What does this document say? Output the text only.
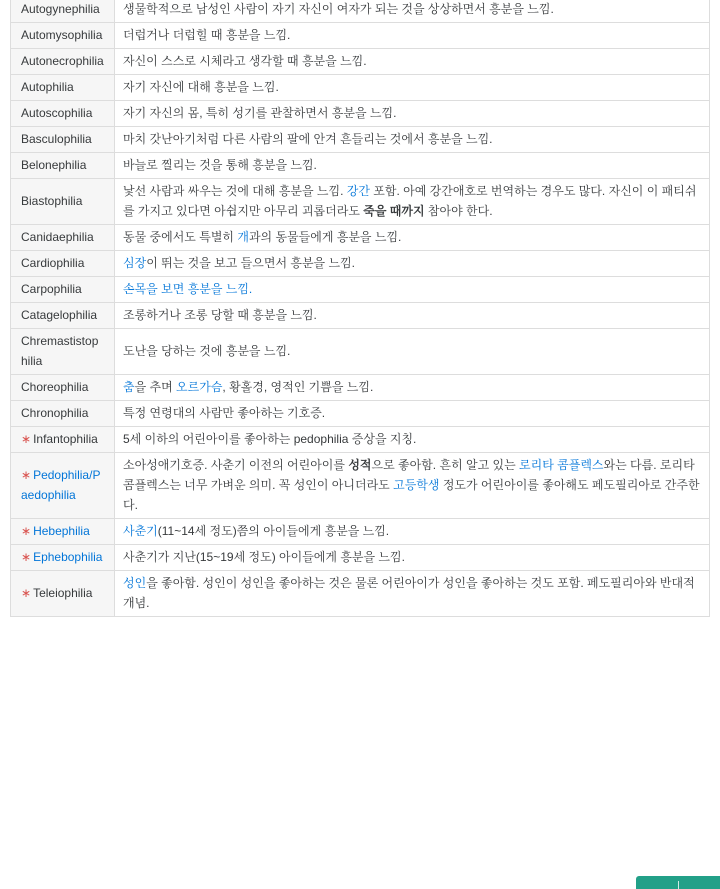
Autogynephilia	생물학적으로 남성인 사람이 자기 자신이 여자가 되는 것을 상상하면서 흥분을 느낌.
Automysophilia	더럽거나 더럽힐 때 흥분을 느낌.
Autonecrophilia	자신이 스스로 시체라고 생각할 때 흥분을 느낌.
Autophilia	자기 자신에 대해 흥분을 느낌.
Autoscophilia	자기 자신의 몸, 특히 성기를 관찰하면서 흥분을 느낌.
Basculophilia	마치 갓난아기처럼 다른 사람의 팔에 안겨 흔들리는 것에서 흥분을 느낌.
Belonephilia	바늘로 찔리는 것을 통해 흥분을 느낌.
Biastophilia	낯선 사람과 싸우는 것에 대해 흥분을 느낌. 강간 포함. 아예 강간애호로 번역하는 경우도 많다. 자신이 이 패티쉬를 가지고 있다면 아쉽지만 아무리 괴롭더라도 죽을 때까지 참아야 한다.
Canidaephilia	동물 중에서도 특별히 개과의 동물들에게 흥분을 느낌.
Cardiophilia	심장이 뛰는 것을 보고 들으면서 흥분을 느낌.
Carpophilia	손목을 보면 흥분을 느낌.
Catagelophilia	조롱하거나 조롱 당할 때 흥분을 느낌.
Chremastistophilia	도난을 당하는 것에 흥분을 느낌.
Choreophilia	춤을 추며 오르가슴, 황홀경, 영적인 기쁨을 느낌.
Chronophilia	특정 연령대의 사람만 좋아하는 기호증.
∗ Infantophilia	5세 이하의 어린아이를 좋아하는 pedophilia 증상을 지칭.
∗ Pedophilia/Paedophilia	소아성애기호증. 사춘기 이전의 어린아이를 성적으로 좋아함. 흔히 알고 있는 로리타 콤플렉스와는 다름. 로리타 콤플렉스는 너무 가벼운 의미. 꼭 성인이 아니더라도 고등학생 정도가 어린아이를 좋아해도 페도필리아로 간주한다.
∗ Hebephilia	사춘기(11~14세 정도)쯤의 아이들에게 흥분을 느낌.
∗ Ephebophilia	사춘기가 지난(15~19세 정도) 아이들에게 흥분을 느낌.
∗ Teleiophilia	성인을 좋아함. 성인이 성인을 좋아하는 것은 물론 어린아이가 성인을 좋아하는 것도 포함. 페도필리아와 반대적 개념.
